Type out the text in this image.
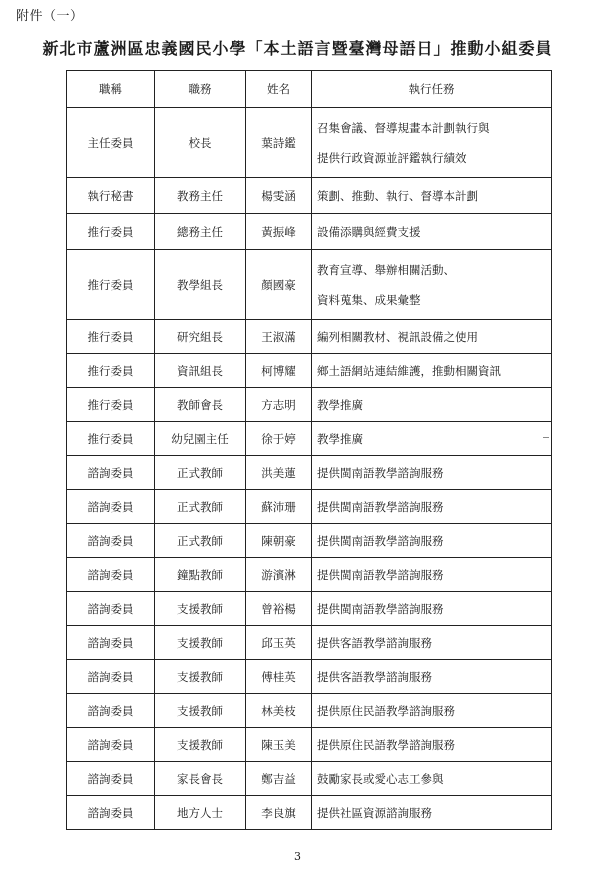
附件（一）
新北市蘆洲區忠義國民小學「本土語言暨臺灣母語日」推動小組委員
職稱	職務	姓名	執行任務
主任委員	校長	葉詩鑑	召集會議、督導規畫本計劃執行與
提供行政資源並評鑑執行績效

執行秘書	教務主任	楊雯涵	策劃、推動、執行、督導本計劃

推行委員	總務主任	黃振峰	設備添購與經費支援

推行委員	教學組長	顏國豪	教育宣導、舉辦相關活動、
資料蒐集、成果彙整

推行委員	研究組長	王淑滿	編列相關教材、視訊設備之使用

推行委員	資訊組長	柯博耀	鄉土語網站連結維護，推動相關資訊

推行委員	教師會長	方志明	教學推廣

推行委員	幼兒園主任	徐于婷	教學推廣

諮詢委員	正式教師	洪美蓮	提供閩南語教學諮詢服務

諮詢委員	正式教師	蘇沛珊	提供閩南語教學諮詢服務

諮詢委員	正式教師	陳朝豪	提供閩南語教學諮詢服務

諮詢委員	鐘點教師	游濱淋	提供閩南語教學諮詢服務

諮詢委員	支援教師	曾裕楊	提供閩南語教學諮詢服務

諮詢委員	支援教師	邱玉英	提供客語教學諮詢服務

諮詢委員	支援教師	傅桂英	提供客語教學諮詢服務

諮詢委員	支援教師	林美枝	提供原住民語教學諮詢服務

諮詢委員	支援教師	陳玉美	提供原住民語教學諮詢服務

諮詢委員	家長會長	鄭吉益	鼓勵家長或愛心志工參與

諮詢委員	地方人士	李良旗	提供社區資源諮詢服務
3
